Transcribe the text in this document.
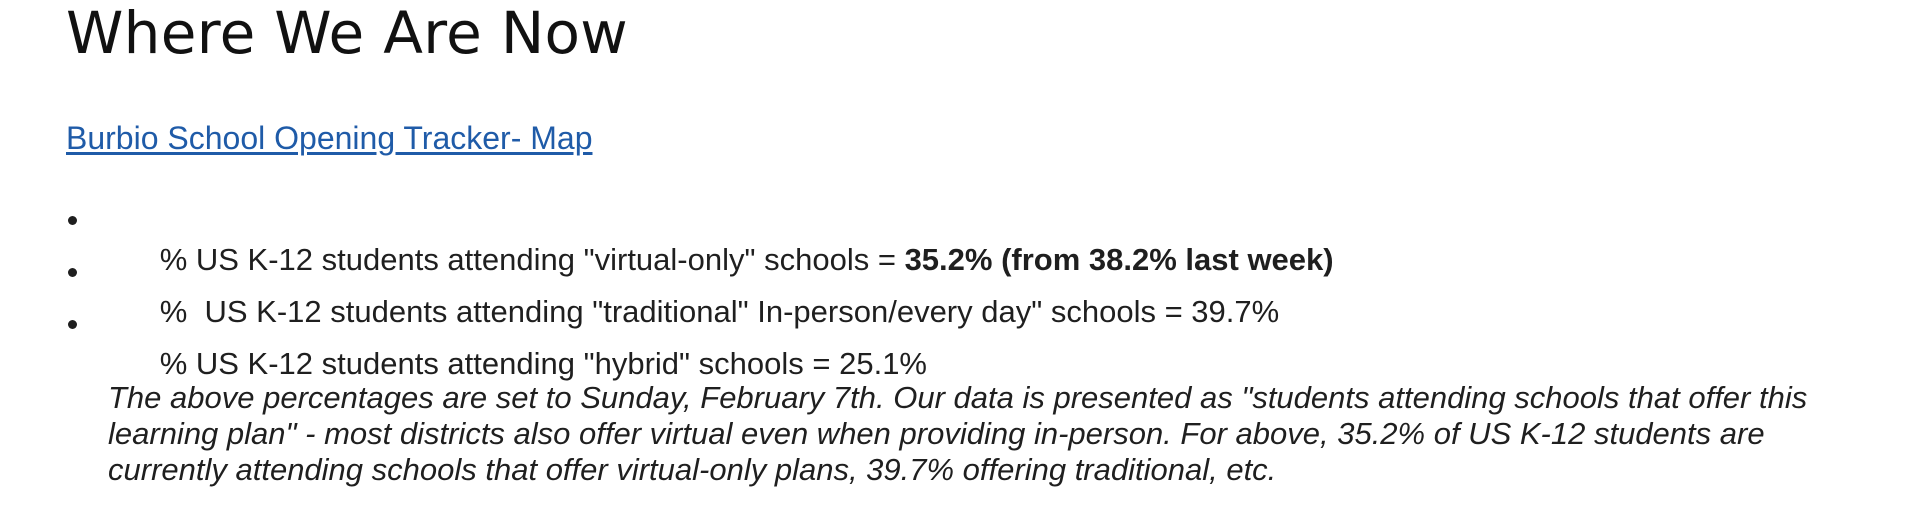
Where We Are Now
Burbio School Opening Tracker- Map

% US K-12 students attending "virtual-only" schools = 35.2% (from 38.2% last week)

%  US K-12 students attending "traditional" In-person/every day" schools = 39.7%

% US K-12 students attending "hybrid" schools = 25.1%

The above percentages are set to Sunday, February 7th. Our data is presented as "students attending schools that offer this
learning plan" - most districts also offer virtual even when providing in-person. For above, 35.2% of US K-12 students are
currently attending schools that offer virtual-only plans, 39.7% offering traditional, etc.
